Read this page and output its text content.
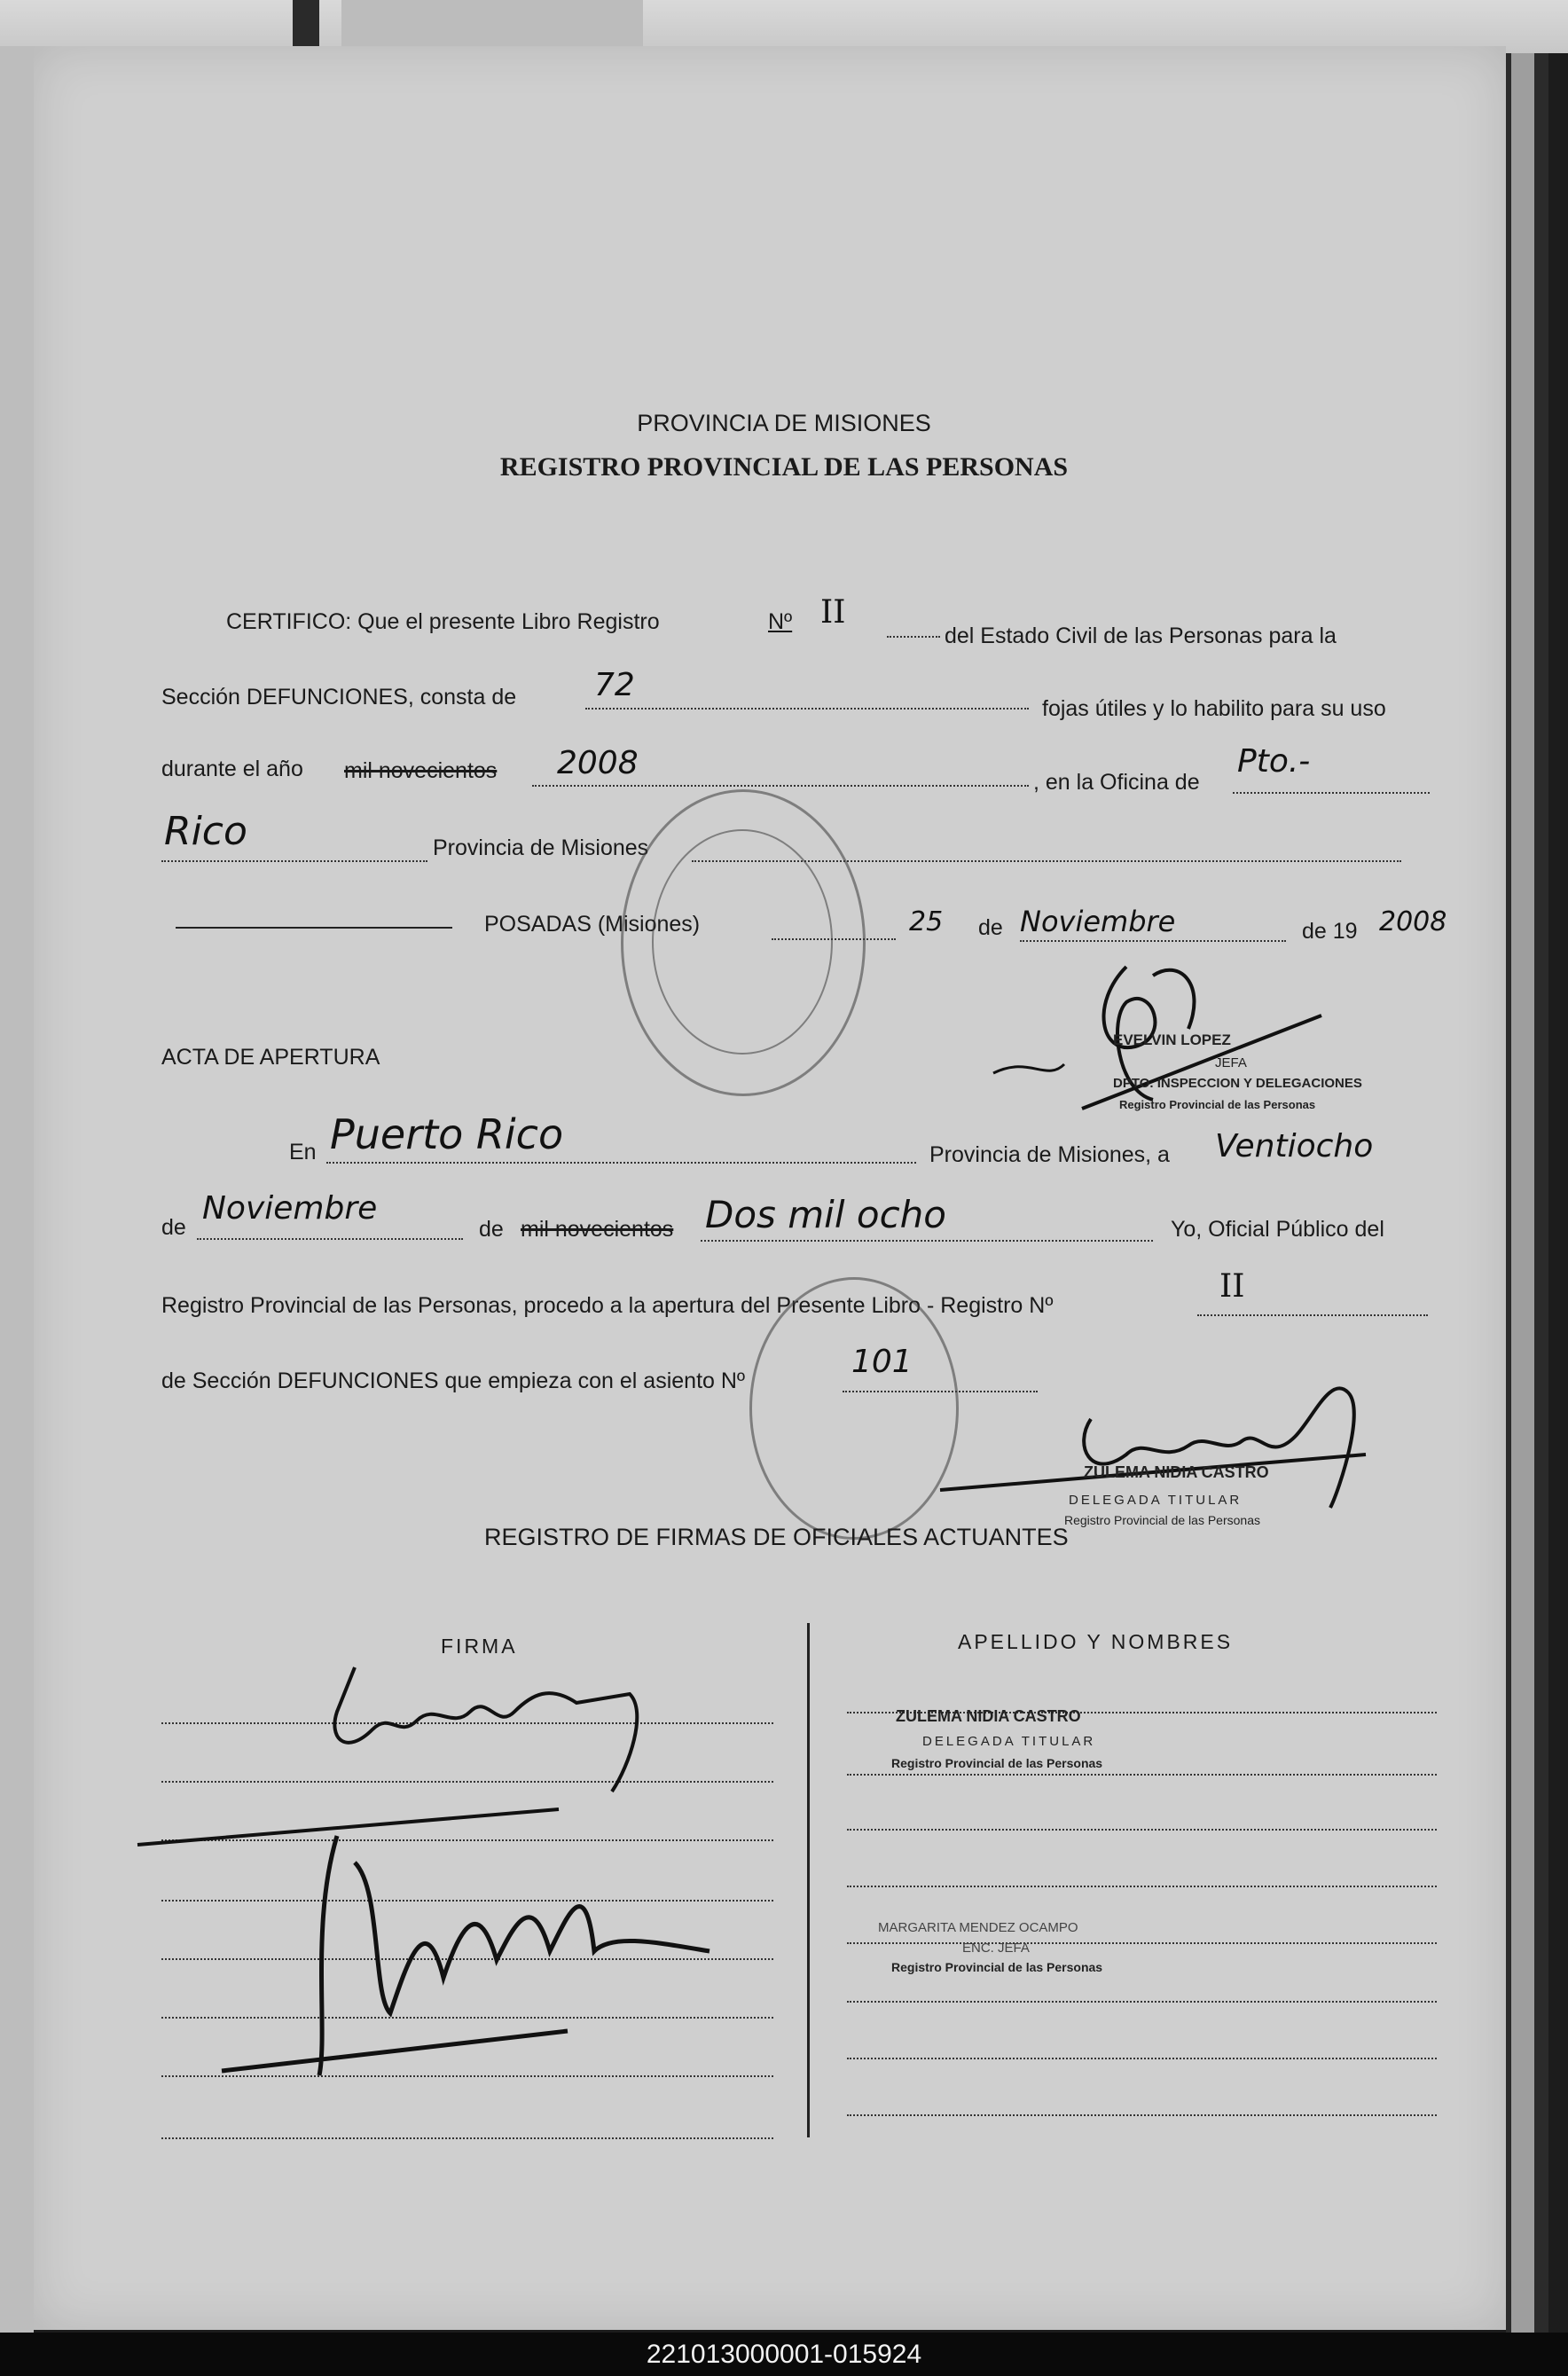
PROVINCIA DE MISIONES
REGISTRO PROVINCIAL DE LAS PERSONAS
CERTIFICO: Que el presente Libro Registro	Nº II
del Estado Civil de las Personas para la
Sección DEFUNCIONES, consta de 72
fojas útiles y lo habilito para su uso
durante el año mil novecientos 2008
, en la Oficina de
Pto.-
Rico	Provincia de Misiones
POSADAS (Misiones)	25 de Noviembre	de 19 2008
EVELVIN LOPEZ
JEFA
DPTO. INSPECCION Y DELEGACIONES
Registro Provincial de las Personas
ACTA DE APERTURA
En Puerto Rico	Provincia de Misiones, a Ventiocho
de
Noviembre
de mil novecientos Dos mil ocho	Yo, Oficial Público del
Registro Provincial de las Personas, procedo a la apertura del Presente Libro - Registro Nº
II
de Sección DEFUNCIONES que empieza con el asiento Nº
101
ZULEMA NIDIA CASTRO
DELEGADA TITULAR
Registro Provincial de las Personas
REGISTRO DE FIRMAS DE OFICIALES ACTUANTES
FIRMA	APELLIDO Y NOMBRES
ZULEMA NIDIA CASTRO
DELEGADA TITULAR
Registro Provincial de las Personas
MARGARITA MENDEZ OCAMPO
ENC. JEFA
Registro Provincial de las Personas
221013000001-015924
